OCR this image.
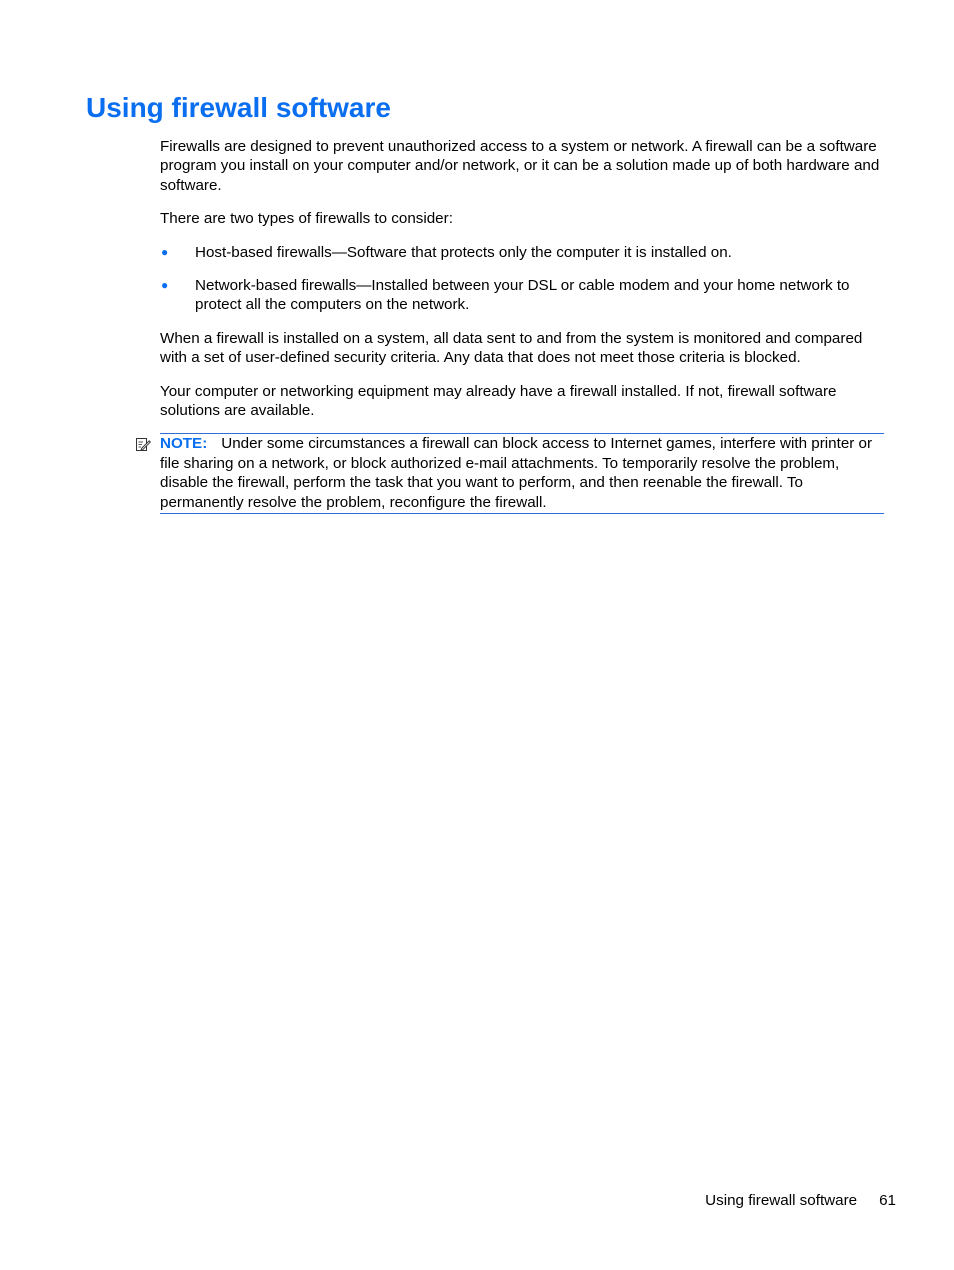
Using firewall software

Firewalls are designed to prevent unauthorized access to a system or network. A firewall can be a software program you install on your computer and/or network, or it can be a solution made up of both hardware and software.

There are two types of firewalls to consider:

● Host-based firewalls—Software that protects only the computer it is installed on.
● Network-based firewalls—Installed between your DSL or cable modem and your home network to protect all the computers on the network.

When a firewall is installed on a system, all data sent to and from the system is monitored and compared with a set of user-defined security criteria. Any data that does not meet those criteria is blocked.

Your computer or networking equipment may already have a firewall installed. If not, firewall software solutions are available.

NOTE: Under some circumstances a firewall can block access to Internet games, interfere with printer or file sharing on a network, or block authorized e-mail attachments. To temporarily resolve the problem, disable the firewall, perform the task that you want to perform, and then reenable the firewall. To permanently resolve the problem, reconfigure the firewall.
Using firewall software 61
